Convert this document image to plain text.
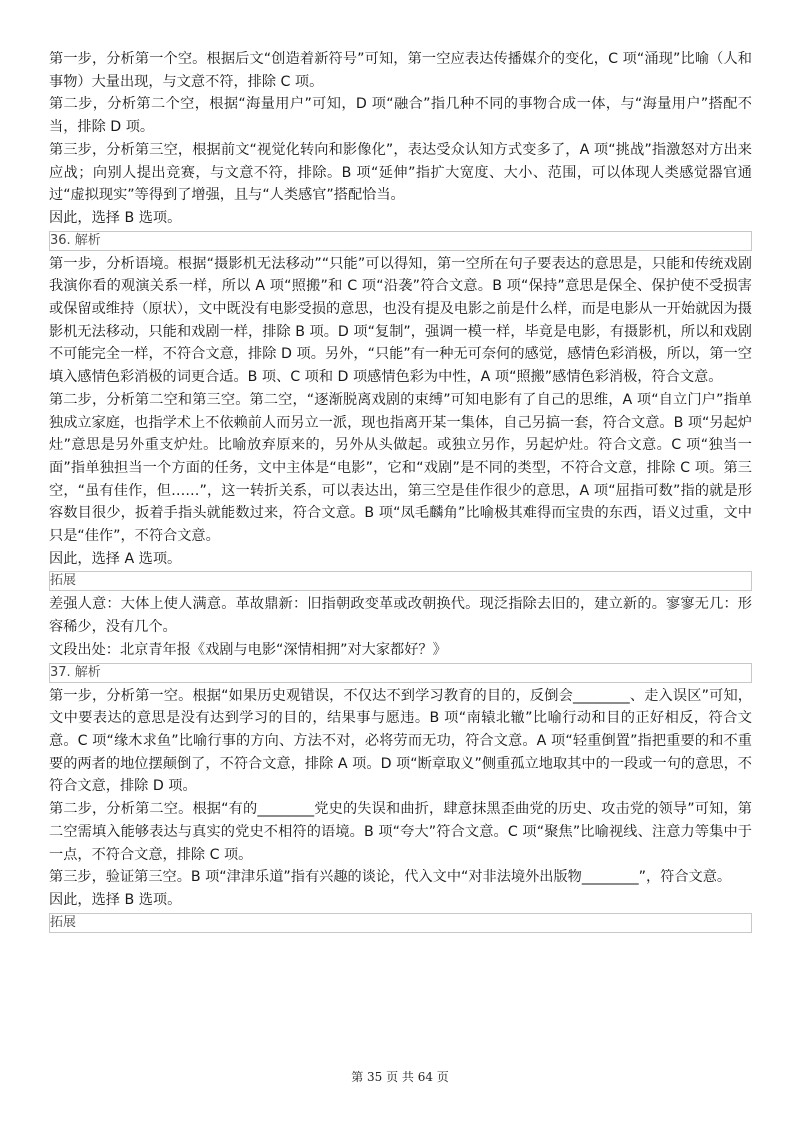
第一步，分析第一个空。根据后文“创造着新符号”可知，第一空应表达传播媒介的变化，C 项“涌现”比喻（人和事物）大量出现，与文意不符，排除 C 项。

第二步，分析第二个空，根据“海量用户”可知，D 项“融合”指几种不同的事物合成一体，与“海量用户”搭配不当，排除 D 项。

第三步，分析第三空，根据前文“视觉化转向和影像化”，表达受众认知方式变多了，A 项“挑战”指激怒对方出来应战；向别人提出竞赛，与文意不符，排除。B 项“延伸”指扩大宽度、大小、范围，可以体现人类感觉器官通过“虚拟现实”等得到了增强，且与“人类感官”搭配恰当。

因此，选择 B 选项。

36. 解析

第一步，分析语境。根据“摄影机无法移动”“只能”可以得知，第一空所在句子要表达的意思是，只能和传统戏剧我演你看的观演关系一样，所以 A 项“照搬”和 C 项“沿袭”符合文意。B 项“保持”意思是保全、保护使不受损害或保留或维持（原状），文中既没有电影受损的意思，也没有提及电影之前是什么样，而是电影从一开始就因为摄影机无法移动，只能和戏剧一样，排除 B 项。D 项“复制”，强调一模一样，毕竟是电影，有摄影机，所以和戏剧不可能完全一样，不符合文意，排除 D 项。另外，“只能”有一种无可奈何的感觉，感情色彩消极，所以，第一空填入感情色彩消极的词更合适。B 项、C 项和 D 项感情色彩为中性，A 项“照搬”感情色彩消极，符合文意。

第二步，分析第二空和第三空。第二空，“逐渐脱离戏剧的束缚”可知电影有了自己的思维，A 项“自立门户”指单独成立家庭，也指学术上不依赖前人而另立一派，现也指离开某一集体，自己另搞一套，符合文意。B 项“另起炉灶”意思是另外重支炉灶。比喻放弃原来的，另外从头做起。或独立另作，另起炉灶。符合文意。C 项“独当一面”指单独担当一个方面的任务，文中主体是“电影”，它和“戏剧”是不同的类型，不符合文意，排除 C 项。第三空，“虽有佳作，但……”，这一转折关系，可以表达出，第三空是佳作很少的意思，A 项“屈指可数”指的就是形容数目很少，扳着手指头就能数过来，符合文意。B 项“凤毛麟角”比喻极其难得而宝贵的东西，语义过重，文中只是“佳作”，不符合文意。

因此，选择 A 选项。

拓展

差强人意：大体上使人满意。革故鼎新：旧指朝政变革或改朝换代。现泛指除去旧的，建立新的。寥寥无几：形容稀少，没有几个。

文段出处：北京青年报《戏剧与电影“深情相拥”对大家都好？》

37. 解析

第一步，分析第一空。根据“如果历史观错误，不仅达不到学习教育的目的，反倒会________、走入误区”可知，文中要表达的意思是没有达到学习的目的，结果事与愿违。B 项“南辕北辙”比喻行动和目的正好相反，符合文意。C 项“缘木求鱼”比喻行事的方向、方法不对，必将劳而无功，符合文意。A 项“轻重倒置”指把重要的和不重要的两者的地位摆颠倒了，不符合文意，排除 A 项。D 项“断章取义”侧重孤立地取其中的一段或一句的意思，不符合文意，排除 D 项。

第二步，分析第二空。根据“有的________党史的失误和曲折，肆意抹黑歪曲党的历史、攻击党的领导”可知，第二空需填入能够表达与真实的党史不相符的语境。B 项“夸大”符合文意。C 项“聚焦”比喻视线、注意力等集中于一点，不符合文意，排除 C 项。

第三步，验证第三空。B 项“津津乐道”指有兴趣的谈论，代入文中“对非法境外出版物________”，符合文意。

因此，选择 B 选项。

拓展
第 35 页 共 64 页
